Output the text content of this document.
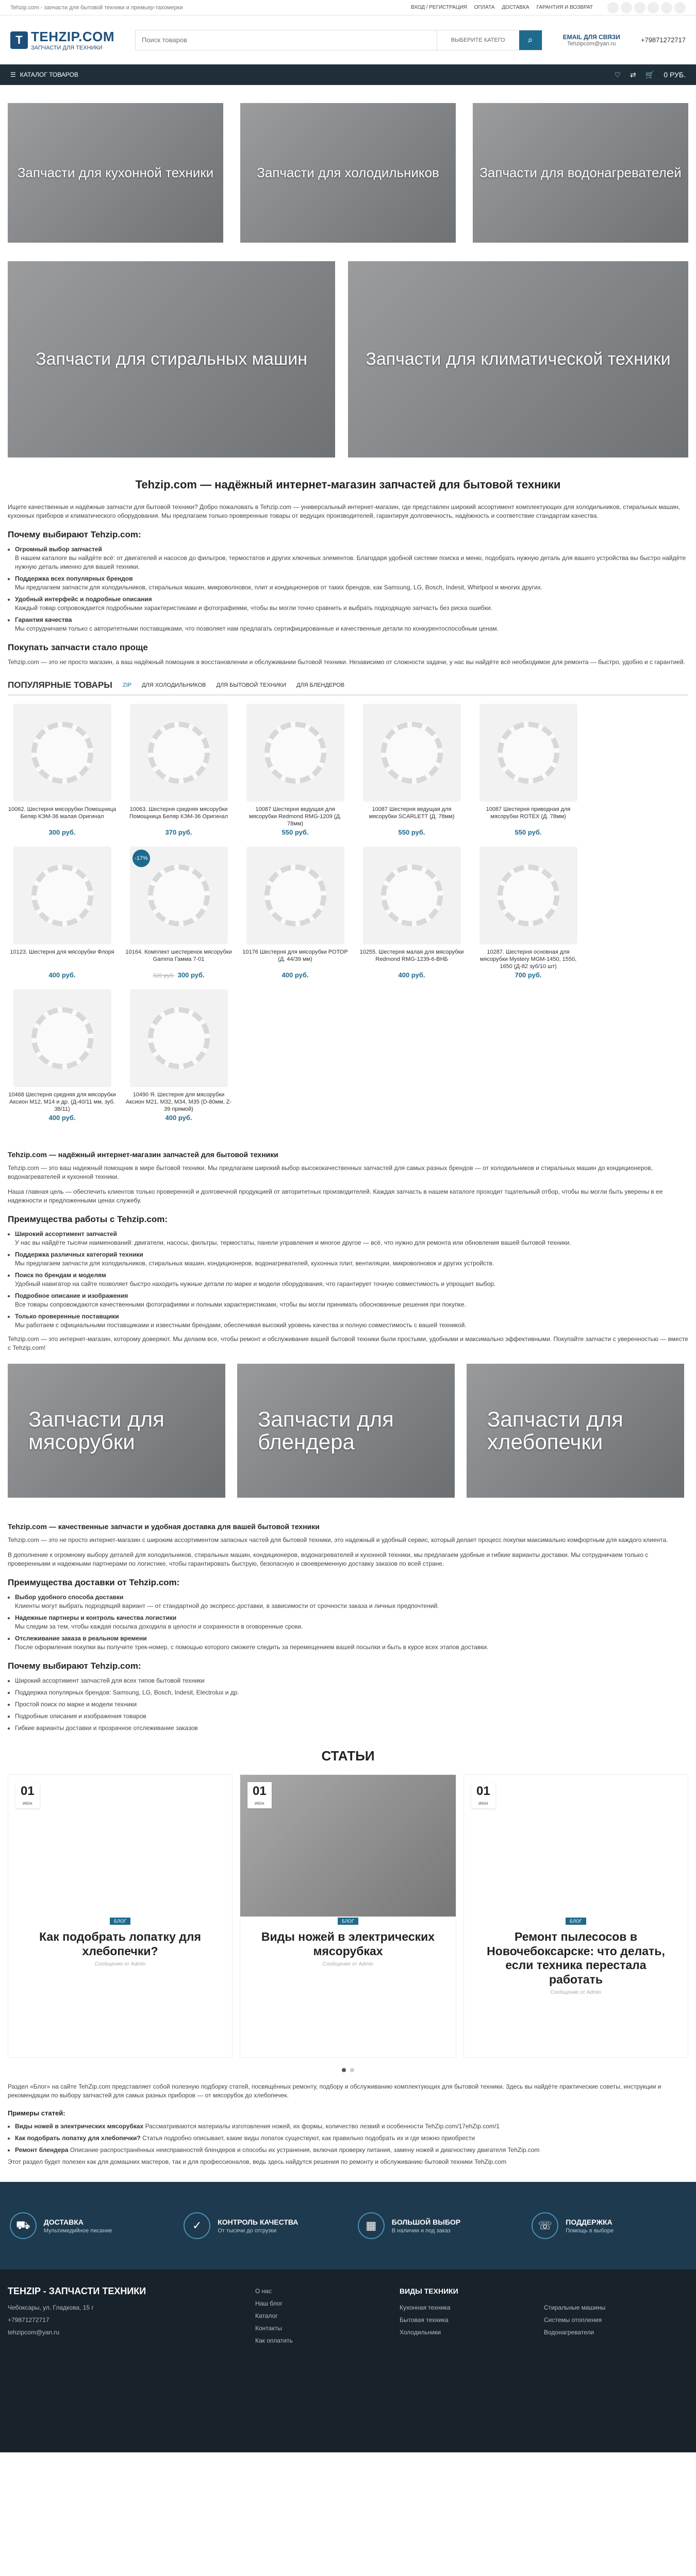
Tehzip.com - запчасти для бытовой техники и премьер-тахомерки	ВХОД / РЕГИСТРАЦИЯ ОПЛАТА ДОСТАВКА ГАРАНТИЯ И ВОЗВРАТ
T TEHZIP.COM
ЗАПЧАСТИ ДЛЯ ТЕХНИКИ
Поиск товаров
ВЫБЕРИТЕ КАТЕГО	⌕	EMAIL ДЛЯ СВЯЗИ
Tehzipcom@yan.ru	+79871272717
☰ КАТАЛОГ ТОВАРОВ	♡ ⇄ 🛒 0 РУБ.
Запчасти для кухонной техники	Запчасти для холодильников	Запчасти для водонагревателей
Запчасти для стиральных машин	Запчасти для климатической техники
Tehzip.com — надёжный интернет-магазин запчастей для бытовой техники

Ищете качественные и надёжные запчасти для бытовой техники? Добро пожаловать в Tehzip.com — универсальный интернет-магазин, где представлен широкий ассортимент комплектующих для холодильников, стиральных машин, кухонных приборов и климатического оборудования. Мы предлагаем только проверенные товары от ведущих производителей, гарантируя долговечность, надёжность и соответствие стандартам качества.

Почему выбирают Tehzip.com:
• Огромный выбор запчастей
В нашем каталоге вы найдёте всё: от двигателей и насосов до фильтров, термостатов и других ключевых элементов. Благодаря удобной системе поиска и меню, подобрать нужную деталь для вашего устройства вы быстро найдёте нужную деталь именно для вашей техники.
• Поддержка всех популярных брендов
Мы предлагаем запчасти для холодильников, стиральных машин, микроволновок, плит и кондиционеров от таких брендов, как Samsung, LG, Bosch, Indesit, Whirlpool и многих других.
• Удобный интерфейс и подробные описания
Каждый товар сопровождается подробными характеристиками и фотографиями, чтобы вы могли точно сравнить и выбрать подходящую запчасть без риска ошибки.
• Гарантия качества
Мы сотрудничаем только с авторитетными поставщиками, что позволяет нам предлагать сертифицированные и качественные детали по конкурентоспособным ценам.
Покупать запчасти стало проще

Tehzip.com — это не просто магазин, а ваш надёжный помощник в восстановлении и обслуживании бытовой техники. Независимо от сложности задачи, у нас вы найдёте всё необходимое для ремонта — быстро, удобно и с гарантией.

ПОПУЛЯРНЫЕ ТОВАРЫ ZIP ДЛЯ ХОЛОДИЛЬНИКОВ ДЛЯ БЫТОВОЙ ТЕХНИКИ ДЛЯ БЛЕНДЕРОВ
10062. Шестерня мясорубки Помощница Беляр КЭМ-36 малая Оригинал
300 руб.
10063. Шестерня средняя мясорубки Помощница Беляр КЭМ-36 Оригинал
370 руб.
10087 Шестерня ведущая для мясорубки Redmond RMG-1209 (Д. 78мм)
550 руб.
10087 Шестерня ведущая для мясорубки SCARLETT (Д. 78мм)
550 руб.
10087 Шестерня приводная для мясорубки ROTEX (Д. 78мм)
550 руб.
10123. Шестерня для мясорубки Флоря
400 руб.
-17%
10164. Комплект шестеренок мясорубки Gamma Гамма 7-01
320 руб. 300 руб.
10176 Шестерня для мясорубки РОТОР (Д. 44/39 мм)
400 руб.
10255. Шестерня малая для мясорубки Redmond RMG-1239-6-ВHБ
400 руб.
10287. Шестерня основная для мясорубки Mystery MGM-1450, 1550, 1650 (Д-82 зуб/10 шт)
700 руб.
10468 Шестерня средняя для мясорубки Аксион М12, М14 и др. (Д-40/11 мм, зуб. 38/11)
400 руб.
10490 Я. Шестерня для мясорубки Аксион М21, М32, М34, М35 (D-80мм, Z-39 прямой)
400 руб.
Tehzip.com — надёжный интернет-магазин запчастей для бытовой техники

Tehzip.com — это ваш надежный помощник в мире бытовой техники. Мы предлагаем широкий выбор высококачественных запчастей для самых разных брендов — от холодильников и стиральных машин до кондиционеров, водонагревателей и кухонной техники.

Наша главная цель — обеспечить клиентов только проверенной и долговечной продукцией от авторитетных производителей. Каждая запчасть в нашем каталоге проходит тщательный отбор, чтобы вы могли быть уверены в ее надежности и предложенными ценах служебу.

Преимущества работы с Tehzip.com:
• Широкий ассортимент запчастей
У нас вы найдёте тысячи наименований: двигатели, насосы, фильтры, термостаты, панели управления и многое другое — всё, что нужно для ремонта или обновления вашей бытовой техники.
• Поддержка различных категорий техники
Мы предлагаем запчасти для холодильников, стиральных машин, кондиционеров, водонагревателей, кухонных плит, вентиляции, микроволновок и других устройств.
• Поиск по брендам и моделям
Удобный навигатор на сайте позволяет быстро находить нужные детали по марке и модели оборудования, что гарантирует точную совместимость и упрощает выбор.
• Подробное описание и изображения
Все товары сопровождаются качественными фотографиями и полными характеристиками, чтобы вы могли принимать обоснованные решения при покупке.
• Только проверенные поставщики
Мы работаем с официальными поставщиками и известными брендами, обеспечивая высокий уровень качества и полную совместимость с вашей техникой.

Tehzip.com — это интернет-магазин, которому доверяют. Мы делаем все, чтобы ремонт и обслуживание вашей бытовой техники были простыми, удобными и максимально эффективными. Покупайте запчасти с уверенностью — вместе с Tehzip.com!

Запчасти для мясорубки
Запчасти для блендера
Запчасти для хлебопечки
Tehzip.com — качественные запчасти и удобная доставка для вашей бытовой техники

Tehzip.com — это не просто интернет-магазин с широким ассортиментом запасных частей для бытовой техники, это надежный и удобный сервис, который делает процесс покупки максимально комфортным для каждого клиента.

В дополнение к огромному выбору деталей для холодильников, стиральных машин, кондиционеров, водонагревателей и кухонной техники, мы предлагаем удобные и гибкие варианты доставки. Мы сотрудничаем только с проверенными и надежными партнерами по логистике, чтобы гарантировать быструю, безопасную и своевременную доставку заказов по всей стране.

Преимущества доставки от Tehzip.com:
• Выбор удобного способа доставки
Клиенты могут выбрать подходящий вариант — от стандартной до экспресс-доставки, в зависимости от срочности заказа и личных предпочтений.
• Надежные партнеры и контроль качества логистики
Мы следим за тем, чтобы каждая посылка доходила в целости и сохранности в оговоренные сроки.
• Отслеживание заказа в реальном времени
После оформления покупки вы получите трек-номер, с помощью которого сможете следить за перемещением вашей посылки и быть в курсе всех этапов доставки.
Почему выбирают Tehzip.com:
• Широкий ассортимент запчастей для всех типов бытовой техники
• Поддержка популярных брендов: Samsung, LG, Bosch, Indesit, Electrolux и др.
• Простой поиск по марке и модели техники
• Подробные описания и изображения товаров
• Гибкие варианты доставки и прозрачное отслеживание заказов
СТАТЬИ
01
июн
БЛОГ
Как подобрать лопатку для хлебопечки?
Сообщение от Admin
01
июн
БЛОГ
Виды ножей в электрических мясорубках
Сообщение от Admin
01
июн
БЛОГ
Ремонт пылесосов в Новочебоксарске: что делать, если техника перестала работать
Сообщение от Admin

Раздел «Блог» на сайте TehZip.com представляет собой полезную подборку статей, посвящённых ремонту, подбору и обслуживанию комплектующих для бытовой техники. Здесь вы найдёте практические советы, инструкции и рекомендации по выбору запчастей для самых разных приборов — от мясорубок до хлебопечек.

Примеры статей:
• Виды ножей в электрических мясорубках Рассматриваются материалы изготовления ножей, их формы, количество лезвий и особенности TehZip.com/17ehZip.com/1
• Как подобрать лопатку для хлебопечки? Статья подробно описывает, какие виды лопаток существуют, как правильно подобрать их и где можно приобрести
• Ремонт блендера Описание распространённых неисправностей блендеров и способы их устранения, включая проверку питания, замену ножей и диагностику двигателя TehZip.com

Этот раздел будет полезен как для домашних мастеров, так и для профессионалов, ведь здесь найдутся решения по ремонту и обслуживанию бытовой техники TehZip.com

⛟	ДОСТАВКА
Мультимедийное писание	✓	КОНТРОЛЬ КАЧЕСТВА
От тысячи до отгрузки	▦	БОЛЬШОЙ ВЫБОР
В наличии и под заказ	☏	ПОДДЕРЖКА
Помощь в выборе
TEHZIP - ЗАПЧАСТИ ТЕХНИКИ
Чебоксары, ул. Гладкова, 15 г
+79871272717
tehzipcom@yan.ru
О нас
Наш блог
Каталог
Контакты
Как оплатить
ВИДЫ ТЕХНИКИ
Кухонная техника
Бытовая техника
Холодильники
Стиральные машины
Системы отопления
Водонагреватели
